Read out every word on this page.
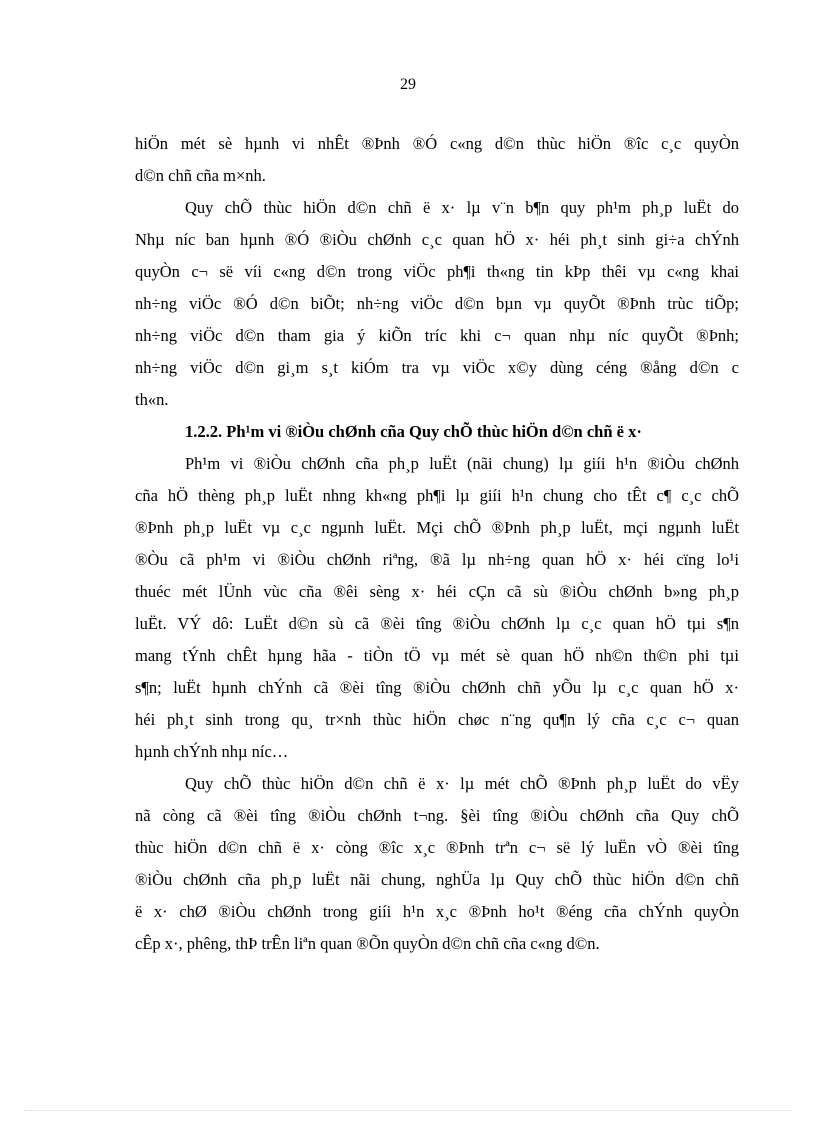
29
hiÖn mét sè hµnh vi nhÊt ®Þnh ®Ó c«ng d©n thùc hiÖn ®îc c¸c quyÒn
d©n chñ cña m×nh.
Quy chÕ thùc hiÖn d©n chñ ë x· lµ v¨n b¶n quy ph¹m ph¸p luËt do
Nhµ níc ban hµnh ®Ó ®iÒu chØnh c¸c quan hÖ x· héi ph¸t sinh gi÷a chÝnh
quyÒn c¬ së víi c«ng d©n trong viÖc ph¶i th«ng tin kÞp thêi vµ c«ng khai
nh÷ng viÖc ®Ó d©n biÕt; nh÷ng viÖc d©n bµn vµ quyÕt ®Þnh trùc tiÕp;
nh÷ng viÖc d©n tham gia ý kiÕn tríc khi c¬ quan nhµ níc quyÕt ®Þnh;
nh÷ng viÖc d©n gi¸m s¸t kiÓm tra vµ viÖc x©y dùng céng ®ång d©n c
th«n.
1.2.2. Ph¹m vi ®iÒu chØnh cña Quy chÕ thùc hiÖn d©n chñ ë x·
Ph¹m vi ®iÒu chØnh cña ph¸p luËt (nãi chung) lµ giíi h¹n ®iÒu chØnh
cña hÖ thèng ph¸p luËt nhng kh«ng ph¶i lµ giíi h¹n chung cho tÊt c¶ c¸c chÕ
®Þnh ph¸p luËt vµ c¸c ngµnh luËt. Mçi chÕ ®Þnh ph¸p luËt, mçi ngµnh luËt
®Òu cã ph¹m vi ®iÒu chØnh riªng, ®ã lµ nh÷ng quan hÖ x· héi cïng lo¹i
thuéc mét lÜnh vùc cña ®êi sèng x· héi cÇn cã sù ®iÒu chØnh b»ng ph¸p
luËt. VÝ dô: LuËt d©n sù cã ®èi tîng ®iÒu chØnh lµ c¸c quan hÖ tµi s¶n
mang tÝnh chÊt hµng hãa - tiÒn tÖ vµ mét sè quan hÖ nh©n th©n phi tµi
s¶n; luËt hµnh chÝnh cã ®èi tîng ®iÒu chØnh chñ yÕu lµ c¸c quan hÖ x·
héi ph¸t sinh trong qu¸ tr×nh thùc hiÖn chøc n¨ng qu¶n lý cña c¸c c¬ quan
hµnh chÝnh nhµ níc…
Quy chÕ thùc hiÖn d©n chñ ë x· lµ mét chÕ ®Þnh ph¸p luËt do vËy
nã còng cã ®èi tîng ®iÒu chØnh t¬ng. §èi tîng ®iÒu chØnh cña Quy chÕ
thùc hiÖn d©n chñ ë x· còng ®îc x¸c ®Þnh trªn c¬ së lý luËn vÒ ®èi tîng
®iÒu chØnh cña ph¸p luËt nãi chung, nghÜa lµ Quy chÕ thùc hiÖn d©n chñ
ë x· chØ ®iÒu chØnh trong giíi h¹n x¸c ®Þnh ho¹t ®éng cña chÝnh quyÒn
cÊp x·, phêng, thÞ trÊn liªn quan ®Õn quyÒn d©n chñ cña c«ng d©n.
